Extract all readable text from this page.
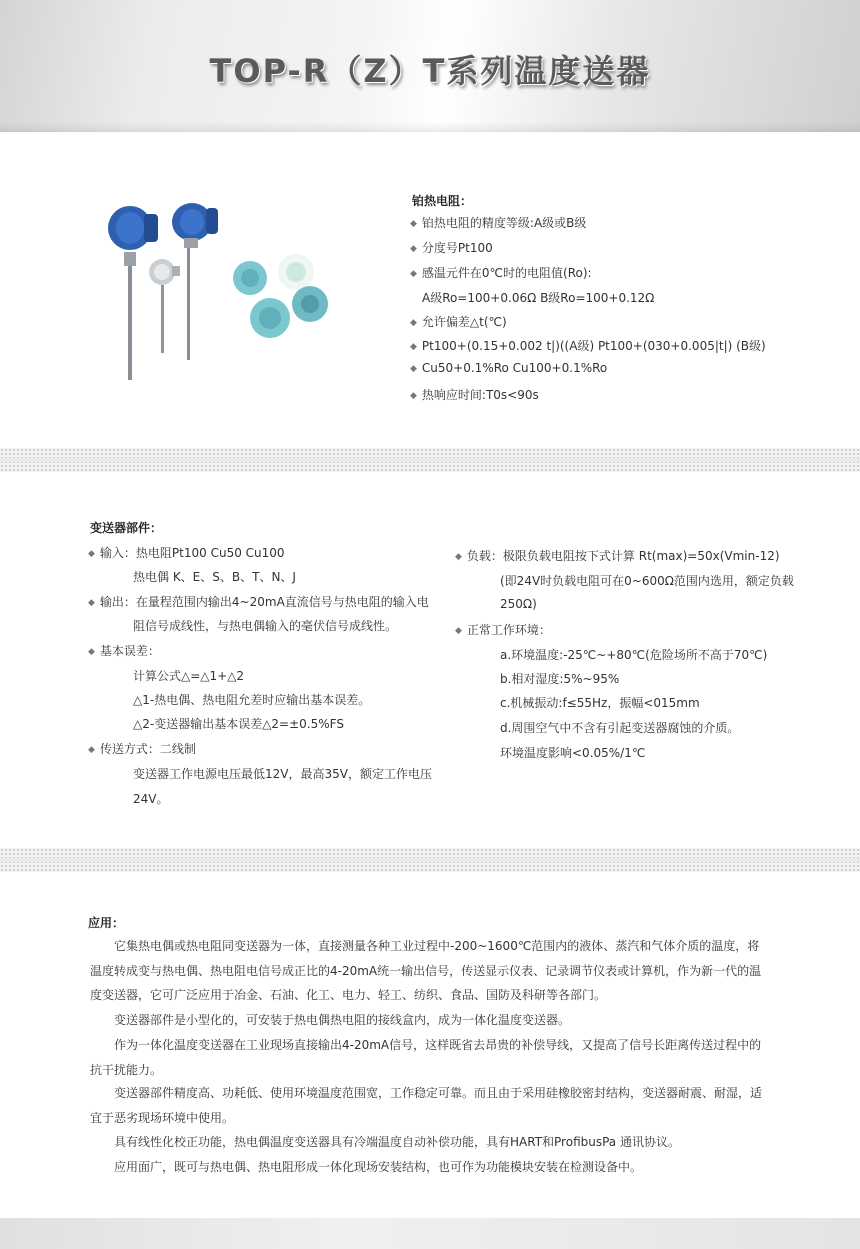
TOP-R（Z）T系列温度送器
铂热电阻：
◆ 铂热电阻的精度等级:A级或B级
◆ 分度号Pt100
◆ 感温元件在0℃时的电阻值(Ro):
A级Ro=100+0.06Ω B级Ro=100+0.12Ω
◆ 允许偏差△t(℃)
◆ Pt100+(0.15+0.002 t|)((A级) Pt100+(030+0.005|t|) (B级)
◆ Cu50+0.1%Ro Cu100+0.1%Ro
◆ 热响应时间:T0s<90s
变送器部件：
◆ 输入：热电阻Pt100 Cu50 Cu100
热电偶 K、E、S、B、T、N、J
◆ 输出：在量程范围内输出4~20mA直流信号与热电阻的输入电
阻信号成线性，与热电偶输入的毫伏信号成线性。
◆ 基本误差：
计算公式△=△1+△2
△1-热电偶、热电阻允差时应输出基本误差。
△2-变送器输出基本误差△2=±0.5%FS
◆ 传送方式：二线制
变送器工作电源电压最低12V，最高35V，额定工作电压
24V。
◆ 负载：极限负载电阻按下式计算 Rt(max)=50x(Vmin-12)
(即24V时负载电阻可在0~600Ω范围内选用，额定负载
250Ω)
◆ 正常工作环境：
a.环境温度:-25℃~+80℃(危险场所不高于70℃)
b.相对湿度:5%~95%
c.机械振动:f≤55Hz，振幅<015mm
d.周围空气中不含有引起变送器腐蚀的介质。
环境温度影响<0.05%/1℃
应用：
它集热电偶或热电阻同变送器为一体，直接测量各种工业过程中-200~1600℃范围内的液体、蒸汽和气体介质的温度，将温度转成变与热电偶、热电阻电信号成正比的4-20mA统一输出信号，传送显示仪表、记录调节仪表或计算机，作为新一代的温度变送器，它可广泛应用于冶金、石油、化工、电力、轻工、纺织、食品、国防及科研等各部门。
变送器部件是小型化的，可安装于热电偶热电阻的接线盒内，成为一体化温度变送器。
作为一体化温度变送器在工业现场直接输出4-20mA信号，这样既省去昂贵的补偿导线，又提高了信号长距离传送过程中的抗干扰能力。
变送器部件精度高、功耗低、使用环境温度范围宽，工作稳定可靠。而且由于采用硅橡胶密封结构，变送器耐震、耐湿，适宜于恶劣现场环境中使用。
具有线性化校正功能，热电偶温度变送器具有冷端温度自动补偿功能，具有HART和ProfibusPa 通讯协议。
应用面广，既可与热电偶、热电阻形成一体化现场安装结构，也可作为功能模块安装在检测设备中。
